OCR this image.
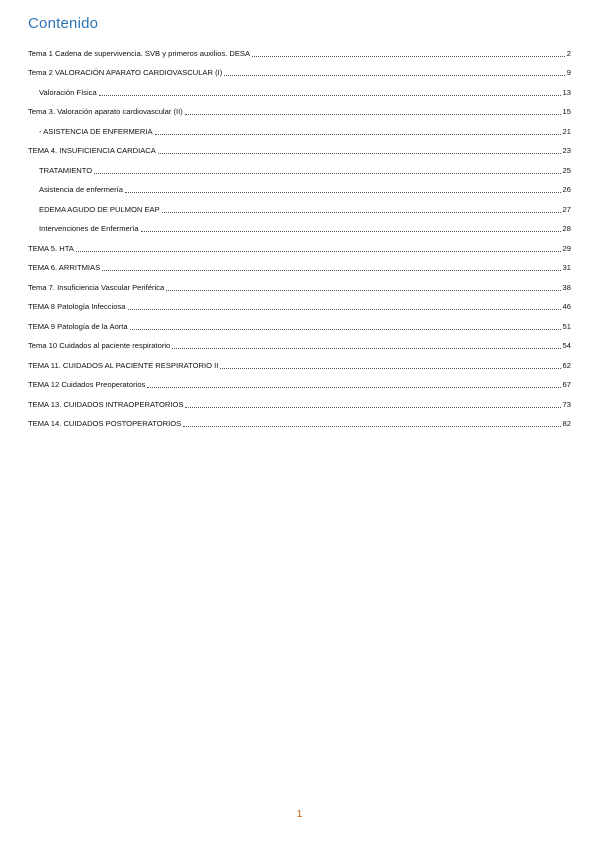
Contenido
Tema 1 Cadena de supervivencia. SVB y primeros auxilios. DESA	2
Tema 2 VALORACIÓN APARATO CARDIOVASCULAR (I)	9
Valoración Física	13
Tema 3. Valoración aparato cardiovascular (II)	15
- ASISTENCIA DE ENFERMERIA	21
TEMA 4. INSUFICIENCIA CARDIACA	23
TRATAMIENTO	25
Asistencia de enfermería	26
EDEMA AGUDO DE PULMON EAP	27
Intervenciones de Enfermería	28
TEMA 5. HTA	29
TEMA 6. ARRITMIAS	31
Tema 7. Insuficiencia Vascular Periférica	38
TEMA 8 Patología Infecciosa	46
TEMA 9 Patología de la Aorta	51
Tema 10 Cuidados al paciente respiratorio	54
TEMA 11. CUIDADOS AL PACIENTE RESPIRATORIO II	62
TEMA 12 Cuidados Preoperatorios	67
TEMA 13. CUIDADOS INTRAOPERATORIOS	73
TEMA 14. CUIDADOS POSTOPERATORIOS	82
1
